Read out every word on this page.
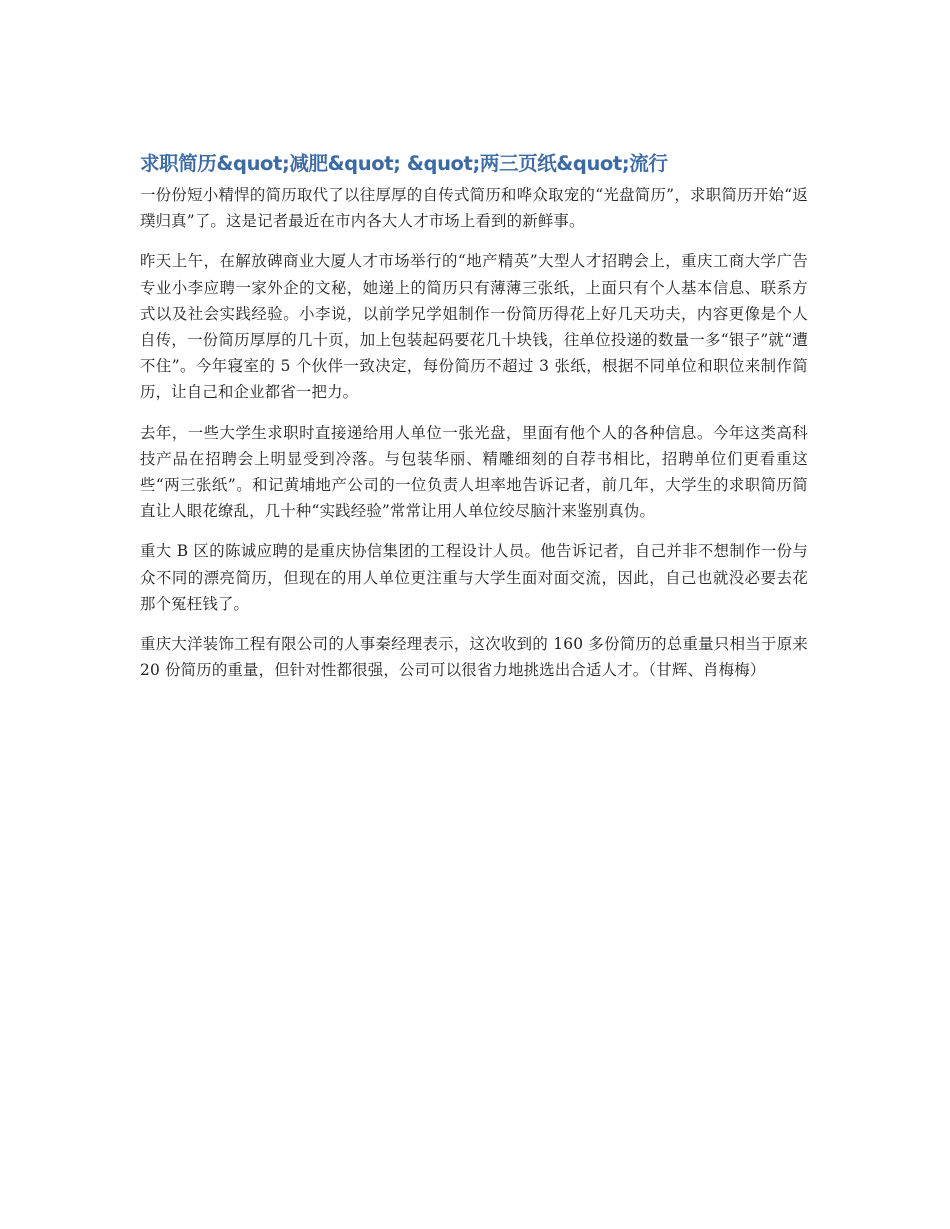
求职简历&quot;减肥&quot; &quot;两三页纸&quot;流行

一份份短小精悍的简历取代了以往厚厚的自传式简历和哗众取宠的“光盘简历”，求职简历开始“返璞归真”了。这是记者最近在市内各大人才市场上看到的新鲜事。

昨天上午，在解放碑商业大厦人才市场举行的“地产精英”大型人才招聘会上，重庆工商大学广告专业小李应聘一家外企的文秘，她递上的简历只有薄薄三张纸，上面只有个人基本信息、联系方式以及社会实践经验。小李说，以前学兄学姐制作一份简历得花上好几天功夫，内容更像是个人自传，一份简历厚厚的几十页，加上包装起码要花几十块钱，往单位投递的数量一多“银子”就“遭不住”。今年寝室的 5 个伙伴一致决定，每份简历不超过 3 张纸，根据不同单位和职位来制作简历，让自己和企业都省一把力。

去年，一些大学生求职时直接递给用人单位一张光盘，里面有他个人的各种信息。今年这类高科技产品在招聘会上明显受到冷落。与包装华丽、精雕细刻的自荐书相比，招聘单位们更看重这些“两三张纸”。和记黄埔地产公司的一位负责人坦率地告诉记者，前几年，大学生的求职简历简直让人眼花缭乱，几十种“实践经验”常常让用人单位绞尽脑汁来鉴别真伪。

重大 B 区的陈诚应聘的是重庆协信集团的工程设计人员。他告诉记者，自己并非不想制作一份与众不同的漂亮简历，但现在的用人单位更注重与大学生面对面交流，因此，自己也就没必要去花那个冤枉钱了。

重庆大洋装饰工程有限公司的人事秦经理表示，这次收到的 160 多份简历的总重量只相当于原来 20 份简历的重量，但针对性都很强，公司可以很省力地挑选出合适人才。（甘辉、肖梅梅）
